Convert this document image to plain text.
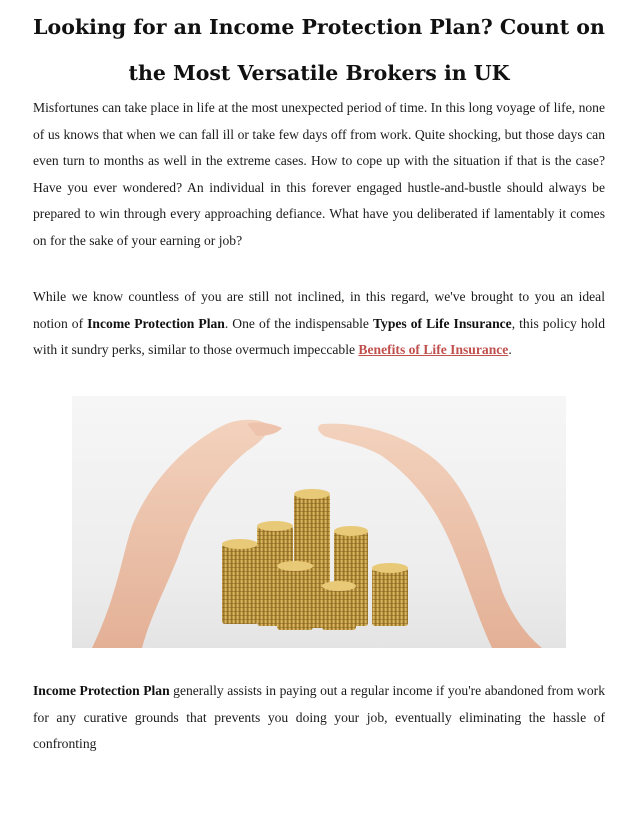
Looking for an Income Protection Plan? Count on the Most Versatile Brokers in UK

Misfortunes can take place in life at the most unexpected period of time. In this long voyage of life, none of us knows that when we can fall ill or take few days off from work. Quite shocking, but those days can even turn to months as well in the extreme cases. How to cope up with the situation if that is the case? Have you ever wondered? An individual in this forever engaged hustle-and-bustle should always be prepared to win through every approaching defiance. What have you deliberated if lamentably it comes on for the sake of your earning or job?

While we know countless of you are still not inclined, in this regard, we've brought to you an ideal notion of Income Protection Plan. One of the indispensable Types of Life Insurance, this policy hold with it sundry perks, similar to those overmuch impeccable Benefits of Life Insurance.

Income Protection Plan generally assists in paying out a regular income if you're abandoned from work for any curative grounds that prevents you doing your job, eventually eliminating the hassle of confronting
